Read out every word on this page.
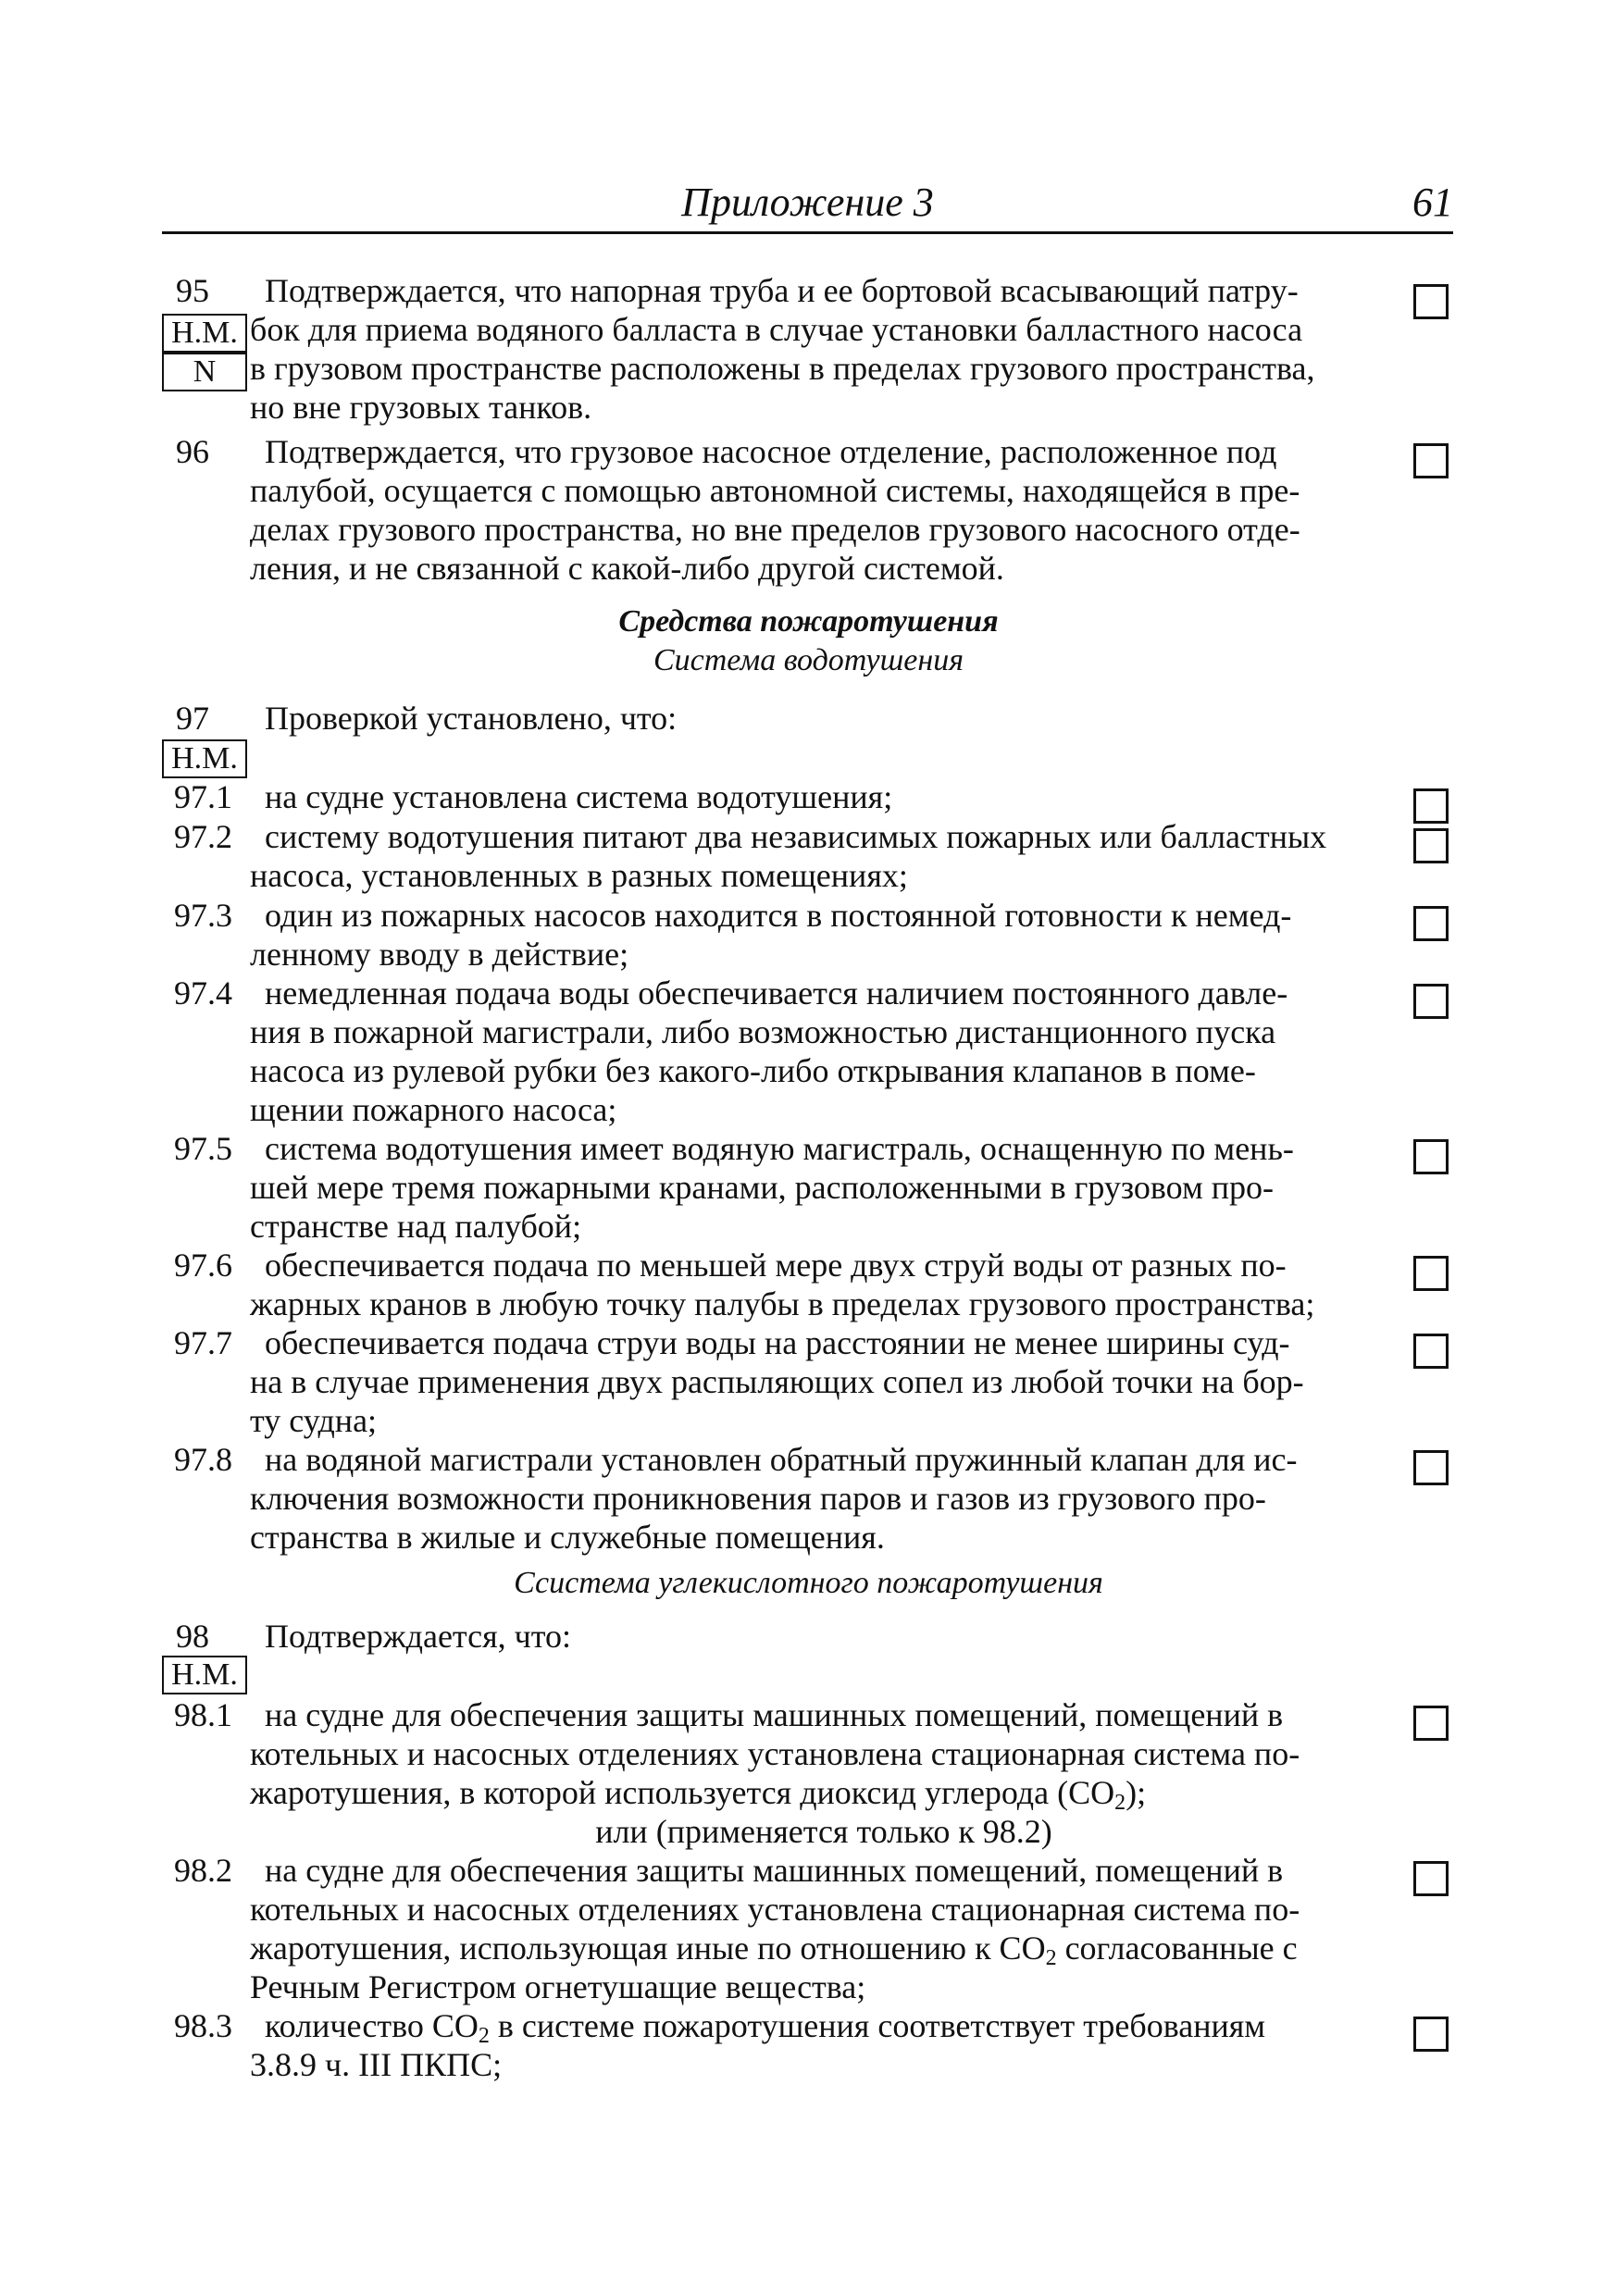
Приложение 3	61
95	Подтверждается, что напорная труба и ее бортовой всасывающий патру-
бок для приема водяного балласта в случае установки балластного насоса
в грузовом пространстве расположены в пределах грузового пространства,
но вне грузовых танков.
Н.М.
N
96	Подтверждается, что грузовое насосное отделение, расположенное под
палубой, осущается с помощью автономной системы, находящейся в пре-
делах грузового пространства, но вне пределов грузового насосного отде-
ления, и не связанной с какой-либо другой системой.
Средства пожаротушения
Система водотушения
97	Проверкой установлено, что:
Н.М.
97.1 на судне установлена система водотушения;
97.2 систему водотушения питают два независимых пожарных или балластных
насоса, установленных в разных помещениях;
97.3 один из пожарных насосов находится в постоянной готовности к немед-
ленному вводу в действие;
97.4 немедленная подача воды обеспечивается наличием постоянного давле-
ния в пожарной магистрали, либо возможностью дистанционного пуска
насоса из рулевой рубки без какого-либо открывания клапанов в поме-
щении пожарного насоса;
97.5 система водотушения имеет водяную магистраль, оснащенную по мень-
шей мере тремя пожарными кранами, расположенными в грузовом про-
странстве над палубой;
97.6 обеспечивается подача по меньшей мере двух струй воды от разных по-
жарных кранов в любую точку палубы в пределах грузового пространства;
97.7 обеспечивается подача струи воды на расстоянии не менее ширины суд-
на в случае применения двух распыляющих сопел из любой точки на бор-
ту судна;
97.8 на водяной магистрали установлен обратный пружинный клапан для ис-
ключения возможности проникновения паров и газов из грузового про-
странства в жилые и служебные помещения.
Ссистема углекислотного пожаротушения
98	Подтверждается, что:
Н.М.
98.1 на судне для обеспечения защиты машинных помещений, помещений в
котельных и насосных отделениях установлена стационарная система по-
жаротушения, в которой используется диоксид углерода $(CO_2)$;
или (применяется только к 98.2)
98.2 на судне для обеспечения защиты машинных помещений, помещений в
котельных и насосных отделениях установлена стационарная система по-
жаротушения, использующая иные по отношению к $CO_2$ согласованные с
Речным Регистром огнетушащие вещества;
98.3 количество $CO_2$ в системе пожаротушения соответствует требованиям
3.8.9 ч. III ПКПС;
